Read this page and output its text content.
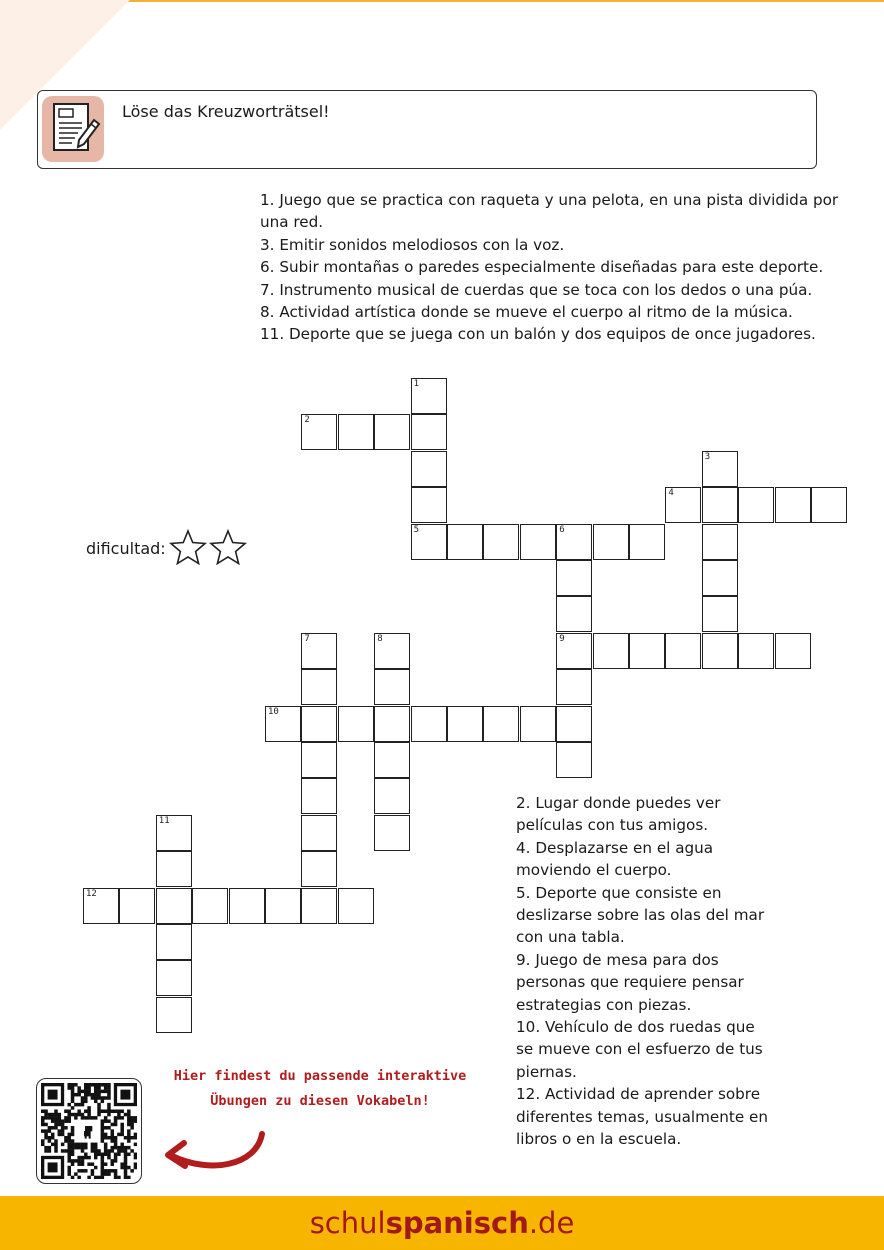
Löse das Kreuzworträtsel!

1. Juego que se practica con raqueta y una pelota, en una pista dividida por una red.

3. Emitir sonidos melodiosos con la voz.

6. Subir montañas o paredes especialmente diseñadas para este deporte.

7. Instrumento musical de cuerdas que se toca con los dedos o una púa.

8. Actividad artística donde se mueve el cuerpo al ritmo de la música.

11. Deporte que se juega con un balón y dos equipos de once jugadores.

1
5
2
3
4
6
9
7	8
10
11
12
dificultad:

2. Lugar donde puedes ver películas con tus amigos.

4. Desplazarse en el agua moviendo el cuerpo.

5. Deporte que consiste en deslizarse sobre las olas del mar con una tabla.

9. Juego de mesa para dos personas que requiere pensar estrategias con piezas.

10. Vehículo de dos ruedas que se mueve con el esfuerzo de tus piernas.

12. Actividad de aprender sobre diferentes temas, usualmente en libros o en la escuela.

Hier findest du passende interaktive
Übungen zu diesen Vokabeln!
schul spanisch .de
